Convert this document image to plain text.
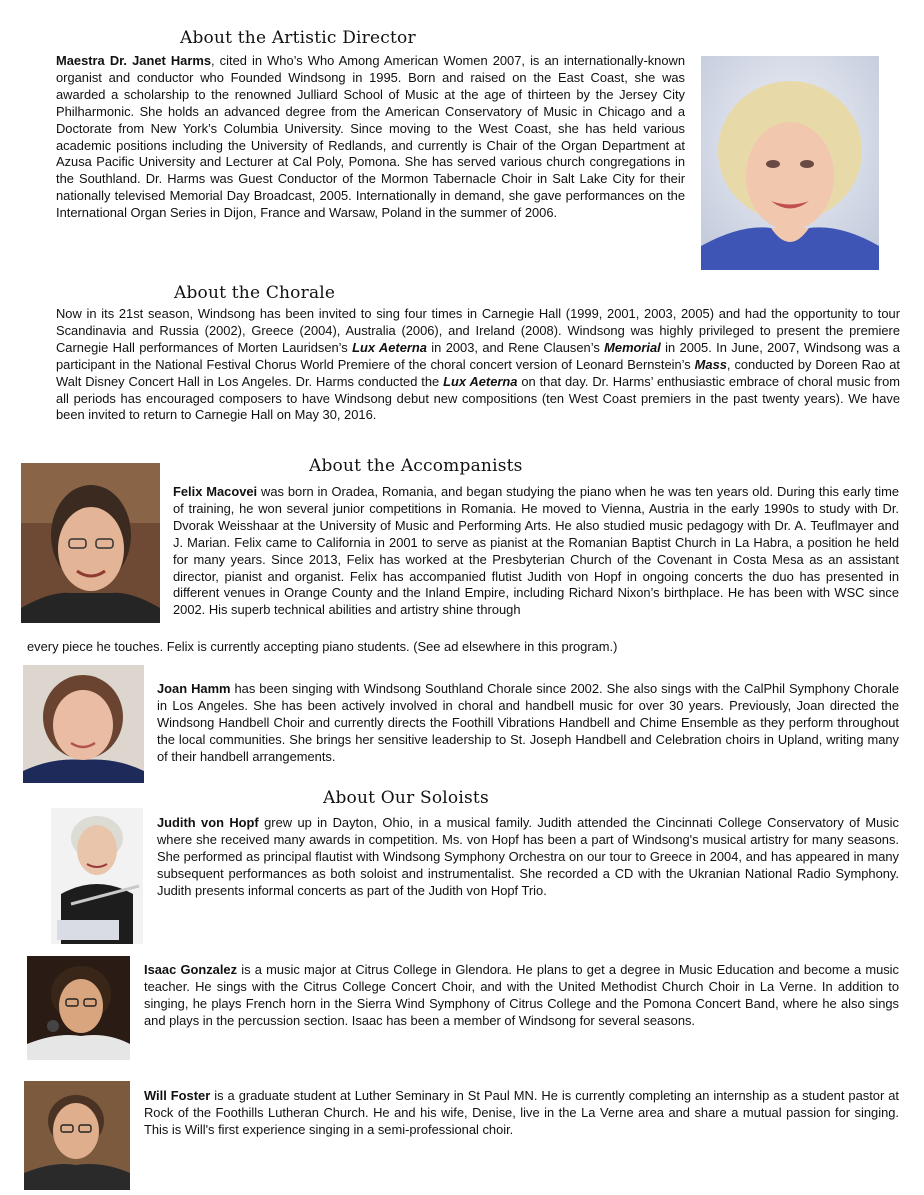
About the Artistic Director

Maestra Dr. Janet Harms, cited in Who’s Who Among American Women 2007, is an internationally-known organist and conductor who Founded Windsong in 1995. Born and raised on the East Coast, she was awarded a scholarship to the renowned Julliard School of Music at the age of thirteen by the Jersey City Philharmonic. She holds an advanced degree from the American Conservatory of Music in Chicago and a Doctorate from New York’s Columbia University. Since moving to the West Coast, she has held various academic positions including the University of Redlands, and currently is Chair of the Organ Department at Azusa Pacific University and Lecturer at Cal Poly, Pomona. She has served various church congregations in the Southland. Dr. Harms was Guest Conductor of the Mormon Tabernacle Choir in Salt Lake City for their nationally televised Memorial Day Broadcast, 2005. Internationally in demand, she gave performances on the International Organ Series in Dijon, France and Warsaw, Poland in the summer of 2006.

About the Chorale

Now in its 21st season, Windsong has been invited to sing four times in Carnegie Hall (1999, 2001, 2003, 2005) and had the opportunity to tour Scandinavia and Russia (2002), Greece (2004), Australia (2006), and Ireland (2008). Windsong was highly privileged to present the premiere Carnegie Hall performances of Morten Lauridsen’s Lux Aeterna in 2003, and Rene Clausen’s Memorial in 2005. In June, 2007, Windsong was a participant in the National Festival Chorus World Premiere of the choral concert version of Leonard Bernstein’s Mass, conducted by Doreen Rao at Walt Disney Concert Hall in Los Angeles. Dr. Harms conducted the Lux Aeterna on that day. Dr. Harms’ enthusiastic embrace of choral music from all periods has encouraged composers to have Windsong debut new compositions (ten West Coast premiers in the past twenty years). We have been invited to return to Carnegie Hall on May 30, 2016.

About the Accompanists

Felix Macovei was born in Oradea, Romania, and began studying the piano when he was ten years old. During this early time of training, he won several junior competitions in Romania. He moved to Vienna, Austria in the early 1990s to study with Dr. Dvorak Weisshaar at the University of Music and Performing Arts. He also studied music pedagogy with Dr. A. Teuflmayer and J. Marian. Felix came to California in 2001 to serve as pianist at the Romanian Baptist Church in La Habra, a position he held for many years. Since 2013, Felix has worked at the Presbyterian Church of the Covenant in Costa Mesa as an assistant director, pianist and organist. Felix has accompanied flutist Judith von Hopf in ongoing concerts the duo has presented in different venues in Orange County and the Inland Empire, including Richard Nixon’s birthplace. He has been with WSC since 2002. His superb technical abilities and artistry shine through

every piece he touches. Felix is currently accepting piano students. (See ad elsewhere in this program.)

Joan Hamm has been singing with Windsong Southland Chorale since 2002. She also sings with the CalPhil Symphony Chorale in Los Angeles. She has been actively involved in choral and handbell music for over 30 years. Previously, Joan directed the Windsong Handbell Choir and currently directs the Foothill Vibrations Handbell and Chime Ensemble as they perform throughout the local communities. She brings her sensitive leadership to St. Joseph Handbell and Celebration choirs in Upland, writing many of their handbell arrangements.

About Our Soloists

Judith von Hopf grew up in Dayton, Ohio, in a musical family. Judith attended the Cincinnati College Conservatory of Music where she received many awards in competition. Ms. von Hopf has been a part of Windsong's musical artistry for many seasons. She performed as principal flautist with Windsong Symphony Orchestra on our tour to Greece in 2004, and has appeared in many subsequent performances as both soloist and instrumentalist. She recorded a CD with the Ukranian National Radio Symphony. Judith presents informal concerts as part of the Judith von Hopf Trio.

Isaac Gonzalez is a music major at Citrus College in Glendora. He plans to get a degree in Music Education and become a music teacher. He sings with the Citrus College Concert Choir, and with the United Methodist Church Choir in La Verne. In addition to singing, he plays French horn in the Sierra Wind Symphony of Citrus College and the Pomona Concert Band, where he also sings and plays in the percussion section. Isaac has been a member of Windsong for several seasons.

Will Foster is a graduate student at Luther Seminary in St Paul MN. He is currently completing an internship as a student pastor at Rock of the Foothills Lutheran Church. He and his wife, Denise, live in the La Verne area and share a mutual passion for singing. This is Will's first experience singing in a semi-professional choir.
